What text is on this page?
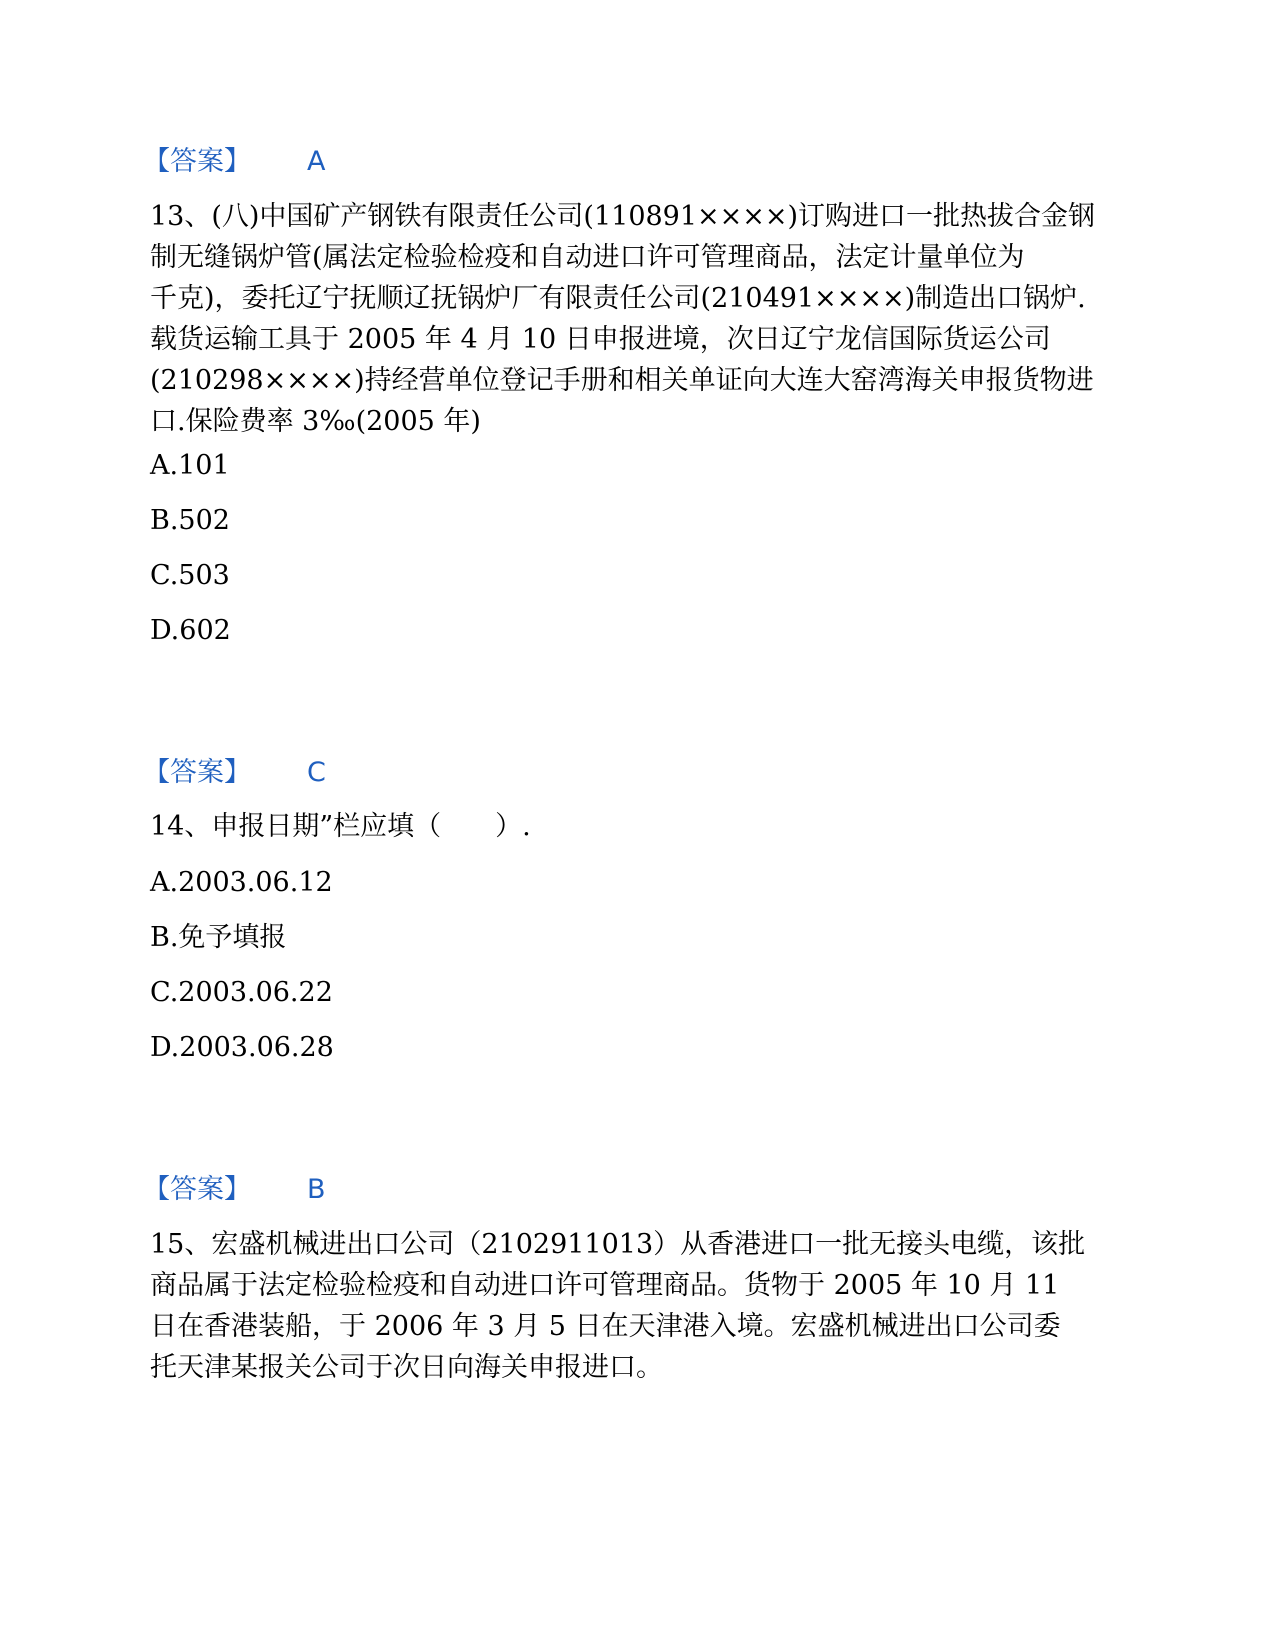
【答案】 A

13、(八)中国矿产钢铁有限责任公司(110891××××)订购进口一批热拔合金钢

制无缝锅炉管(属法定检验检疫和自动进口许可管理商品，法定计量单位为

千克)，委托辽宁抚顺辽抚锅炉厂有限责任公司(210491××××)制造出口锅炉.

载货运输工具于 2005 年 4 月 10 日申报进境，次日辽宁龙信国际货运公司

(210298××××)持经营单位登记手册和相关单证向大连大窑湾海关申报货物进

口.保险费率 3‰(2005 年)

A.101
B.502
C.503
D.602
【答案】 C

14、申报日期”栏应填（　　）.

A.2003.06.12
B.免予填报
C.2003.06.22
D.2003.06.28
【答案】 B

15、宏盛机械进出口公司（2102911013）从香港进口一批无接头电缆，该批

商品属于法定检验检疫和自动进口许可管理商品。货物于 2005 年 10 月 11

日在香港装船，于 2006 年 3 月 5 日在天津港入境。宏盛机械进出口公司委

托天津某报关公司于次日向海关申报进口。
